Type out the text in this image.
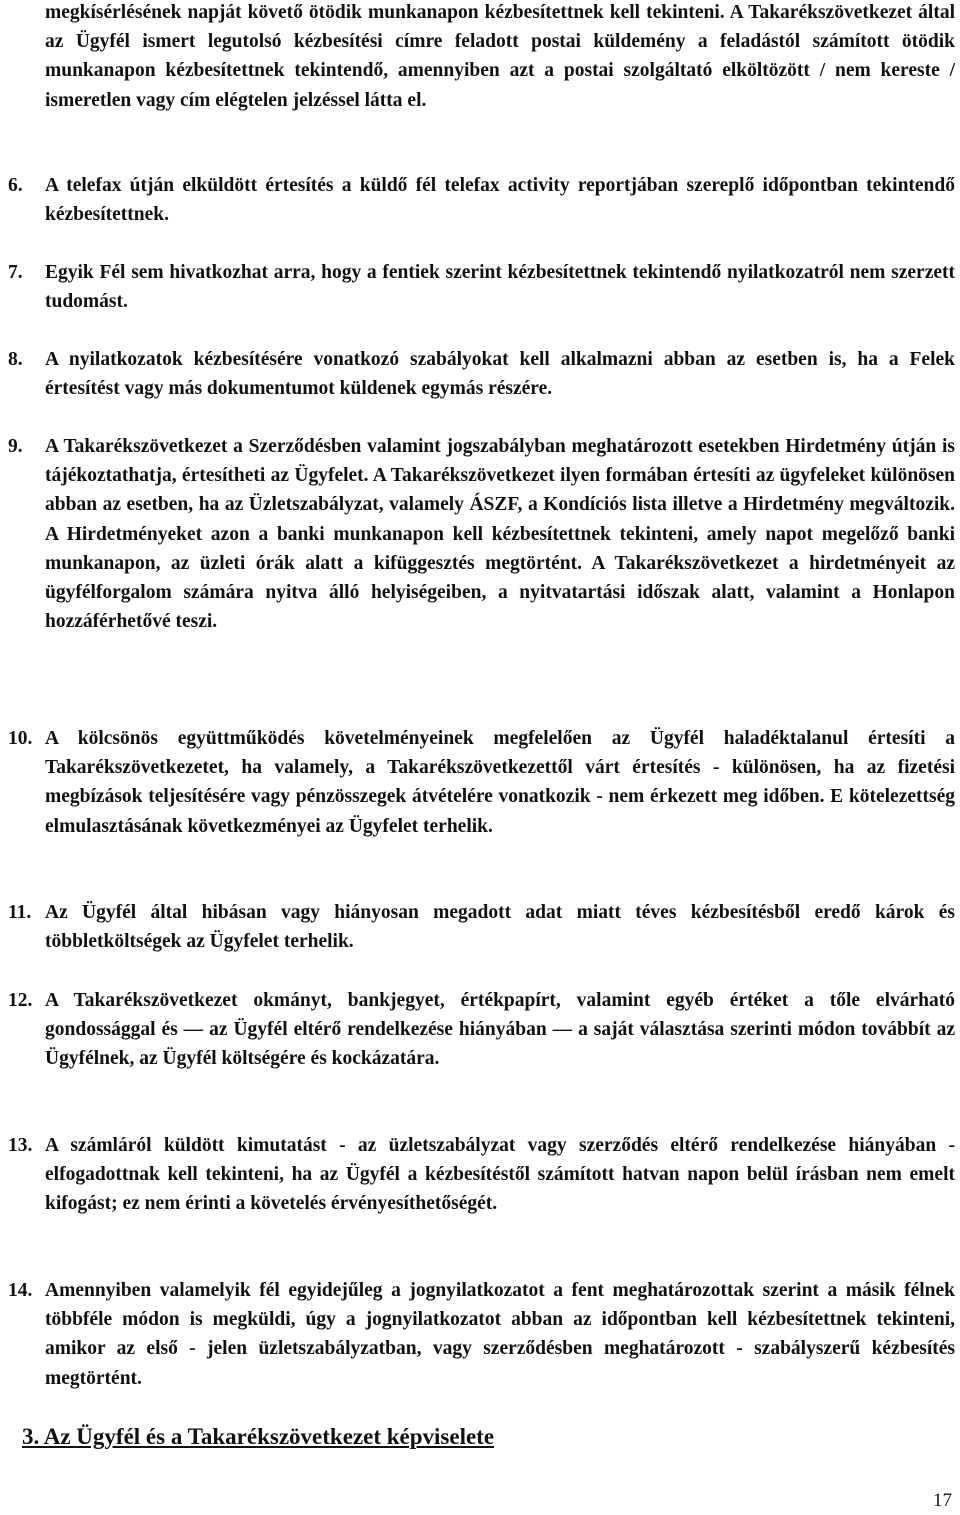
megkísérlésének napját követő ötödik munkanapon kézbesítettnek kell tekinteni. A Takarékszövetkezet által az Ügyfél ismert legutolsó kézbesítési címre feladott postai küldemény a feladástól számított ötödik munkanapon kézbesítettnek tekintendő, amennyiben azt a postai szolgáltató elköltözött / nem kereste / ismeretlen vagy cím elégtelen jelzéssel látta el.

6. A telefax útján elküldött értesítés a küldő fél telefax activity reportjában szereplő időpontban tekintendő kézbesítettnek.

7. Egyik Fél sem hivatkozhat arra, hogy a fentiek szerint kézbesítettnek tekintendő nyilatkozatról nem szerzett tudomást.

8. A nyilatkozatok kézbesítésére vonatkozó szabályokat kell alkalmazni abban az esetben is, ha a Felek értesítést vagy más dokumentumot küldenek egymás részére.

9. A Takarékszövetkezet a Szerződésben valamint jogszabályban meghatározott esetekben Hirdetmény útján is tájékoztathatja, értesítheti az Ügyfelet. A Takarékszövetkezet ilyen formában értesíti az ügyfeleket különösen abban az esetben, ha az Üzletszabályzat, valamely ÁSZF, a Kondíciós lista illetve a Hirdetmény megváltozik. A Hirdetményeket azon a banki munkanapon kell kézbesítettnek tekinteni, amely napot megelőző banki munkanapon, az üzleti órák alatt a kifüggesztés megtörtént. A Takarékszövetkezet a hirdetményeit az ügyfélforgalom számára nyitva álló helyiségeiben, a nyitvatartási időszak alatt, valamint a Honlapon hozzáférhetővé teszi.

10. A kölcsönös együttműködés követelményeinek megfelelően az Ügyfél haladéktalanul értesíti a Takarékszövetkezetet, ha valamely, a Takarékszövetkezettől várt értesítés - különösen, ha az fizetési megbízások teljesítésére vagy pénzösszegek átvételére vonatkozik - nem érkezett meg időben. E kötelezettség elmulasztásának következményei az Ügyfelet terhelik.

11. Az Ügyfél által hibásan vagy hiányosan megadott adat miatt téves kézbesítésből eredő károk és többletköltségek az Ügyfelet terhelik.

12. A Takarékszövetkezet okmányt, bankjegyet, értékpapírt, valamint egyéb értéket a tőle elvárható gondossággal és — az Ügyfél eltérő rendelkezése hiányában — a saját választása szerinti módon továbbít az Ügyfélnek, az Ügyfél költségére és kockázatára.

13. A számláról küldött kimutatást - az üzletszabályzat vagy szerződés eltérő rendelkezése hiányában - elfogadottnak kell tekinteni, ha az Ügyfél a kézbesítéstől számított hatvan napon belül írásban nem emelt kifogást; ez nem érinti a követelés érvényesíthetőségét.

14. Amennyiben valamelyik fél egyidejűleg a jognyilatkozatot a fent meghatározottak szerint a másik félnek többféle módon is megküldi, úgy a jognyilatkozatot abban az időpontban kell kézbesítettnek tekinteni, amikor az első - jelen üzletszabályzatban, vagy szerződésben meghatározott - szabályszerű kézbesítés megtörtént.

3. Az Ügyfél és a Takarékszövetkezet képviselete
17
